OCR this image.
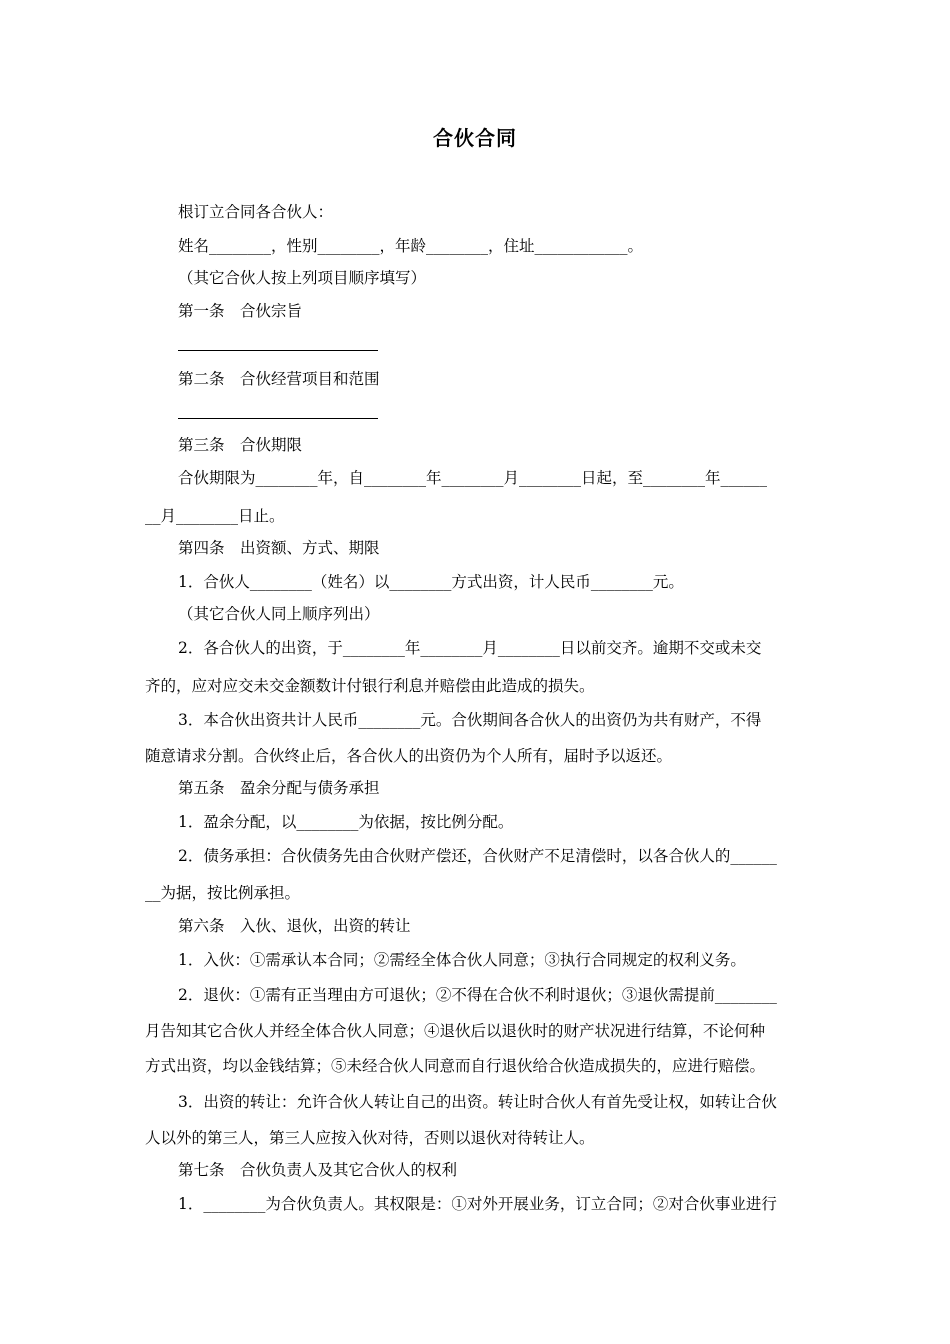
合伙合同
根订立合同各合伙人：
姓名________，性别________，年龄________，住址____________。
（其它合伙人按上列项目顺序填写）
第一条　合伙宗旨
第二条　合伙经营项目和范围
第三条　合伙期限
合伙期限为________年，自________年________月________日起，至________年______
__月________日止。
第四条　出资额、方式、期限
1．合伙人________（姓名）以________方式出资，计人民币________元。
（其它合伙人同上顺序列出）
2．各合伙人的出资，于________年________月________日以前交齐。逾期不交或未交
齐的，应对应交未交金额数计付银行利息并赔偿由此造成的损失。
3．本合伙出资共计人民币________元。合伙期间各合伙人的出资仍为共有财产，不得
随意请求分割。合伙终止后，各合伙人的出资仍为个人所有，届时予以返还。
第五条　盈余分配与债务承担
1．盈余分配，以________为依据，按比例分配。
2．债务承担：合伙债务先由合伙财产偿还，合伙财产不足清偿时，以各合伙人的______
__为据，按比例承担。
第六条　入伙、退伙，出资的转让
1．入伙：①需承认本合同；②需经全体合伙人同意；③执行合同规定的权利义务。
2．退伙：①需有正当理由方可退伙；②不得在合伙不利时退伙；③退伙需提前________
月告知其它合伙人并经全体合伙人同意；④退伙后以退伙时的财产状况进行结算，不论何种
方式出资，均以金钱结算；⑤未经合伙人同意而自行退伙给合伙造成损失的，应进行赔偿。
3．出资的转让：允许合伙人转让自己的出资。转让时合伙人有首先受让权，如转让合伙
人以外的第三人，第三人应按入伙对待，否则以退伙对待转让人。
第七条　合伙负责人及其它合伙人的权利
1．________为合伙负责人。其权限是：①对外开展业务，订立合同；②对合伙事业进行
